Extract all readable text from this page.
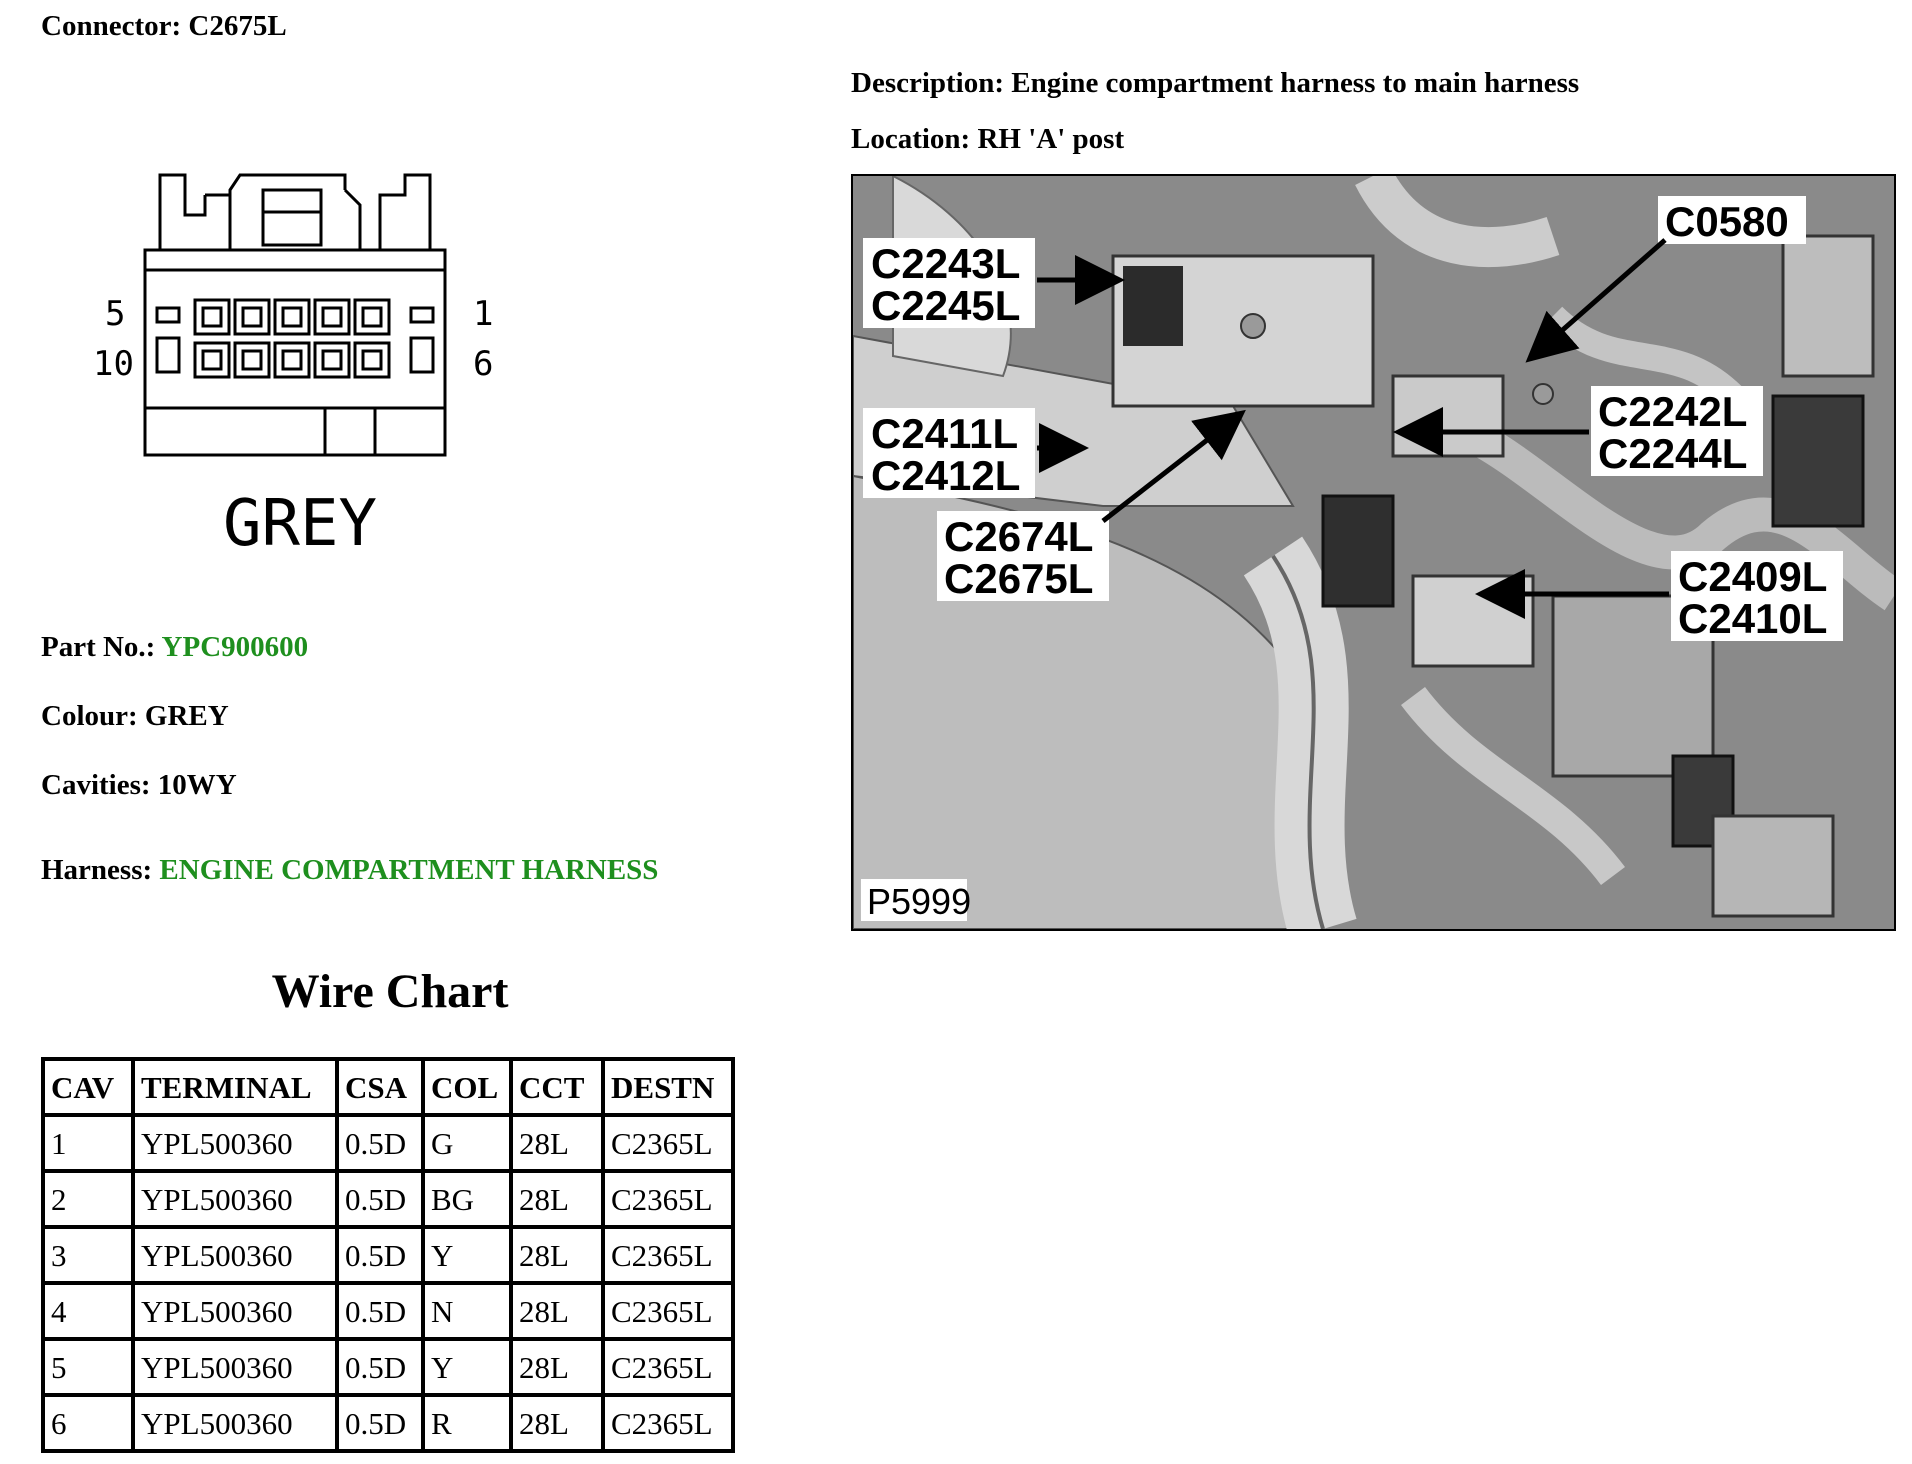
Connector: C2675L
Description: Engine compartment harness to main harness
Location: RH 'A' post
5
10
1
6
GREY
C2243L
C2245L
C0580
C2411L
C2412L
C2242L
C2244L
C2674L
C2675L	C2409L
C2410L
P5999
Part No.: YPC900600
Colour: GREY
Cavities: 10WY
Harness: ENGINE COMPARTMENT HARNESS
Wire Chart
CAV	TERMINAL	CSA	COL	CCT	DESTN
1	YPL500360	0.5D	G	28L	C2365L
2	YPL500360	0.5D	BG	28L	C2365L
3	YPL500360	0.5D	Y	28L	C2365L
4	YPL500360	0.5D	N	28L	C2365L
5	YPL500360	0.5D	Y	28L	C2365L
6	YPL500360	0.5D	R	28L	C2365L
